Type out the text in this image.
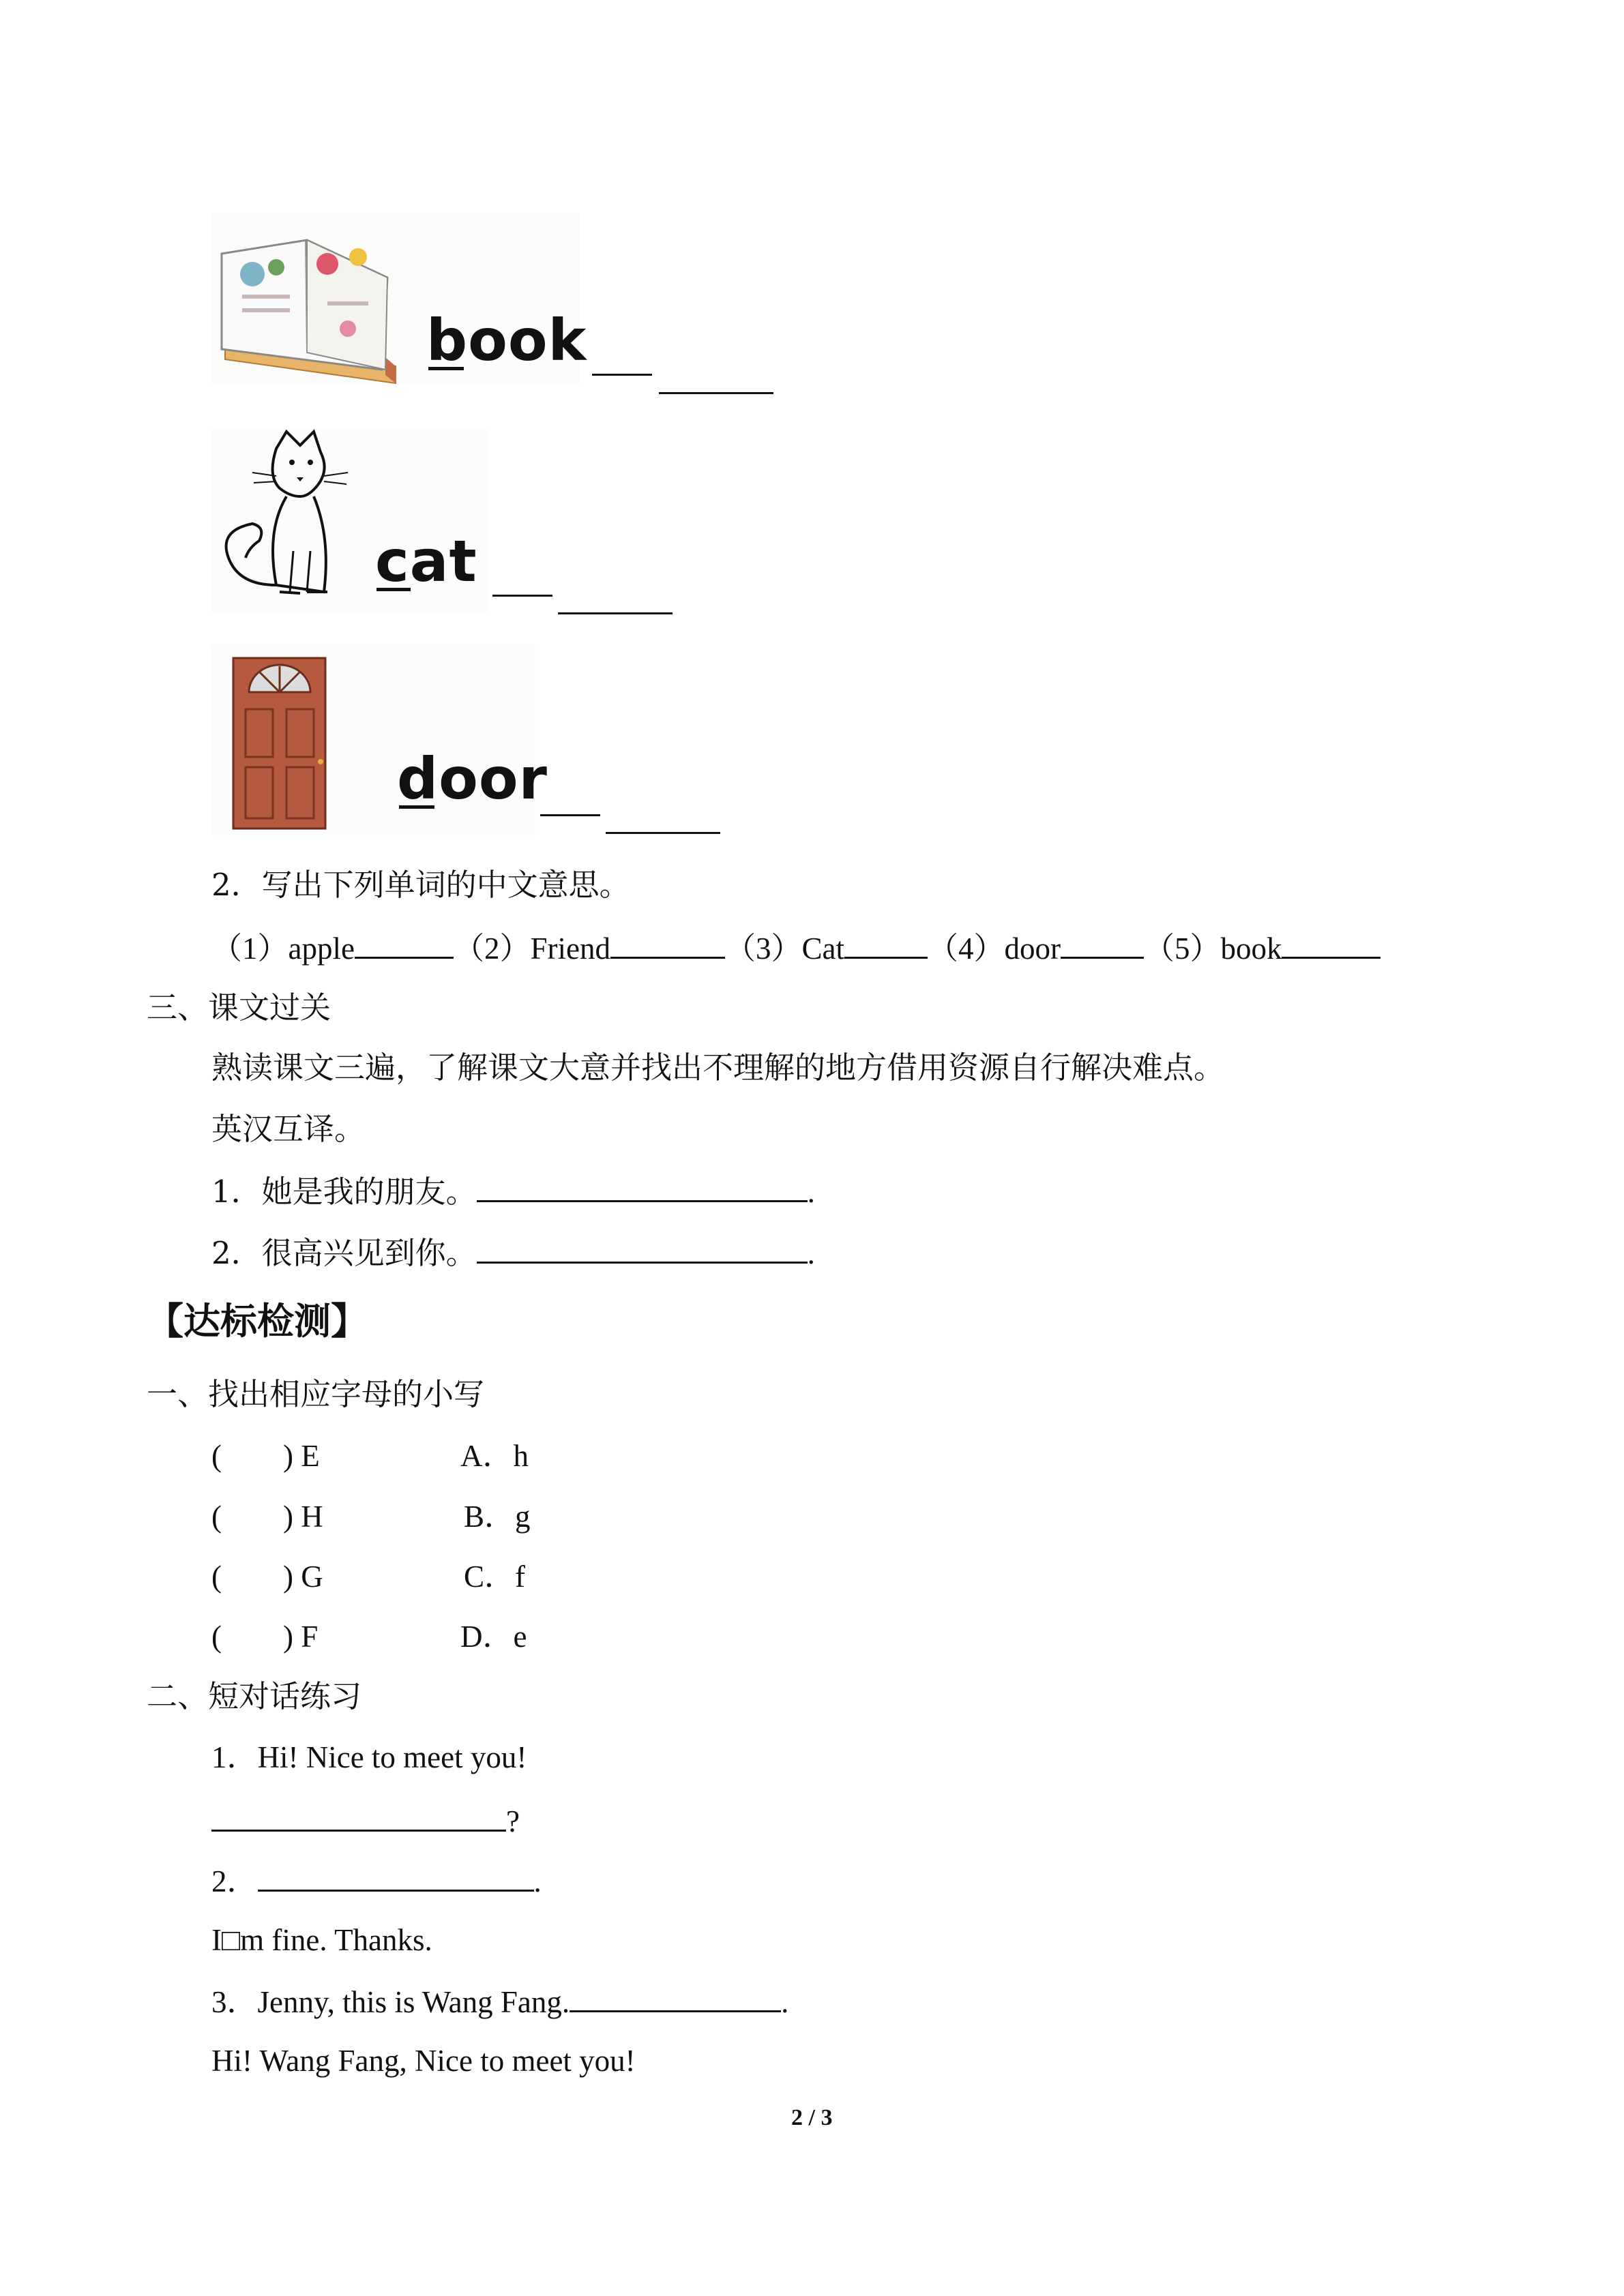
book
cat
door
2．写出下列单词的中文意思。
（1）apple	（2）Friend	（3）Cat	（4）door	（5）book
三、课文过关
熟读课文三遍，了解课文大意并找出不理解的地方借用资源自行解决难点。
英汉互译。
1．她是我的朋友。	.
2．很高兴见到你。	.
【达标检测】
一、找出相应字母的小写
(        ) E	A．h
(        ) H	B．g
(        ) G	C．f
(        ) F	D．e
二、短对话练习
1．Hi! Nice to meet you!
?
2．	.
I□m fine. Thanks.
3．Jenny, this is Wang Fang.	.
Hi! Wang Fang, Nice to meet you!
2 / 3
